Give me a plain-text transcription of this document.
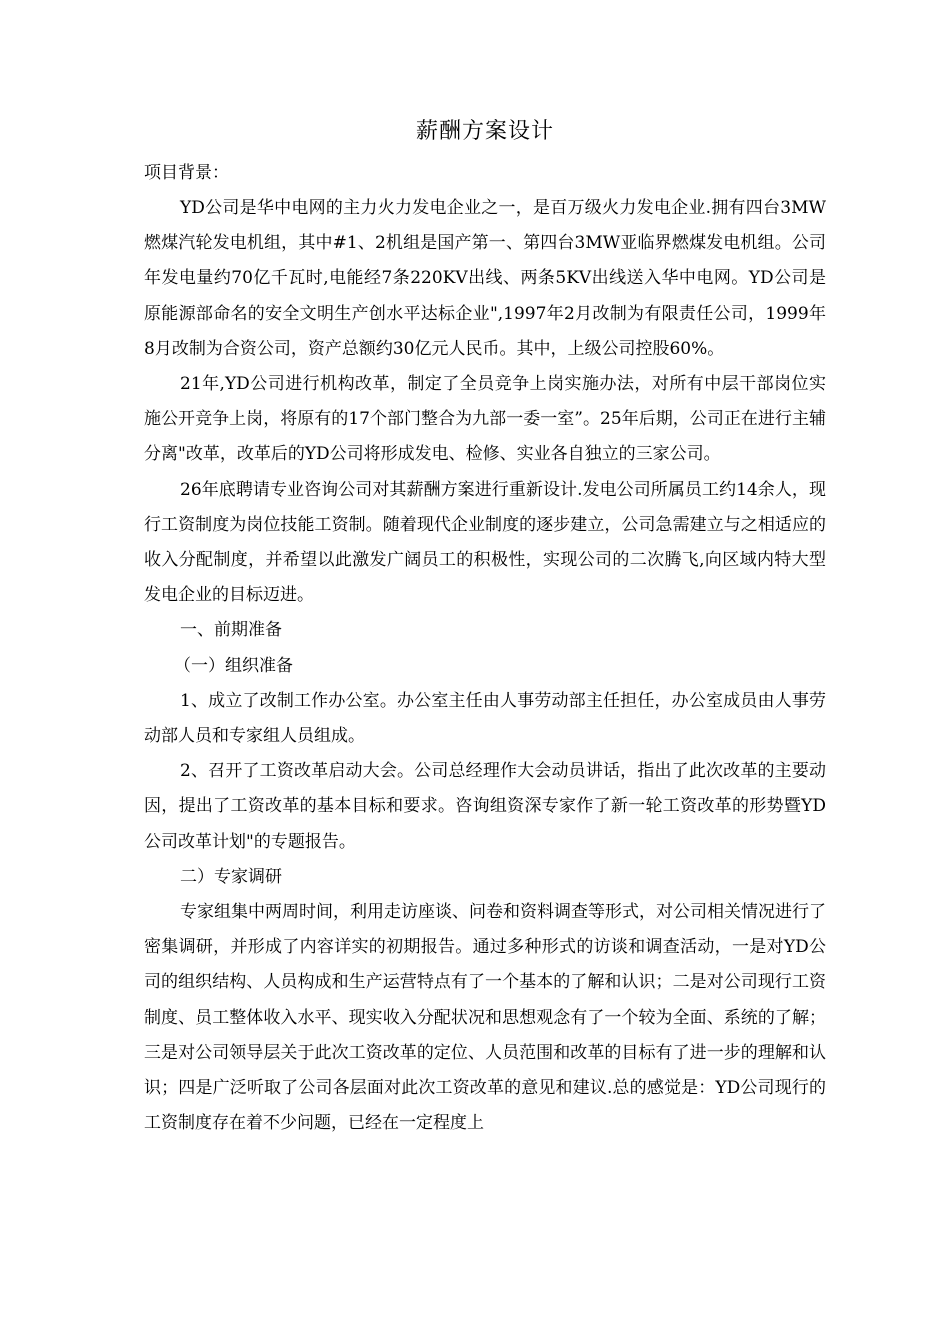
薪酬方案设计
项目背景：

YD公司是华中电网的主力火力发电企业之一，是百万级火力发电企业.拥有四台3MW燃煤汽轮发电机组，其中#1、2机组是国产第一、第四台3MW亚临界燃煤发电机组。公司年发电量约70亿千瓦时,电能经7条220KV出线、两条5KV出线送入华中电网。YD公司是原能源部命名的安全文明生产创水平达标企业",1997年2月改制为有限责任公司，1999年8月改制为合资公司，资产总额约30亿元人民币。其中，上级公司控股60%。

21年,YD公司进行机构改革，制定了全员竞争上岗实施办法，对所有中层干部岗位实施公开竞争上岗，将原有的17个部门整合为九部一委一室”。25年后期，公司正在进行主辅分离"改革，改革后的YD公司将形成发电、检修、实业各自独立的三家公司。

26年底聘请专业咨询公司对其薪酬方案进行重新设计.发电公司所属员工约14余人，现行工资制度为岗位技能工资制。随着现代企业制度的逐步建立，公司急需建立与之相适应的收入分配制度，并希望以此激发广阔员工的积极性，实现公司的二次腾飞,向区域内特大型发电企业的目标迈进。

一、前期准备

（一）组织准备

1、成立了改制工作办公室。办公室主任由人事劳动部主任担任，办公室成员由人事劳动部人员和专家组人员组成。

2、召开了工资改革启动大会。公司总经理作大会动员讲话，指出了此次改革的主要动因，提出了工资改革的基本目标和要求。咨询组资深专家作了新一轮工资改革的形势暨YD公司改革计划"的专题报告。

二）专家调研

专家组集中两周时间，利用走访座谈、问卷和资料调查等形式，对公司相关情况进行了密集调研，并形成了内容详实的初期报告。通过多种形式的访谈和调查活动，一是对YD公司的组织结构、人员构成和生产运营特点有了一个基本的了解和认识；二是对公司现行工资制度、员工整体收入水平、现实收入分配状况和思想观念有了一个较为全面、系统的了解；三是对公司领导层关于此次工资改革的定位、人员范围和改革的目标有了进一步的理解和认识；四是广泛听取了公司各层面对此次工资改革的意见和建议.总的感觉是：YD公司现行的工资制度存在着不少问题，已经在一定程度上
